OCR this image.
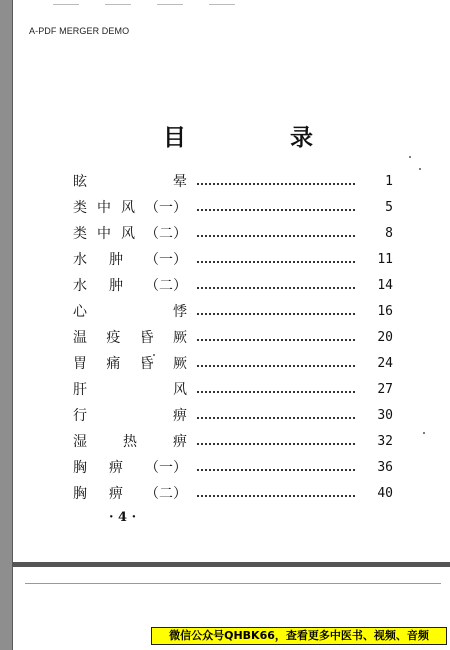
A-PDF MERGER DEMO
目	录
眩	晕	1
类 中 风 （一）	5
类 中 风 （二）	8
水 肿 （一）	11
水 肿 （二）	14
心	悸	16
温 疫 昏 厥	20
胃 痛 昏 厥	24
肝	风	27
行	痹	30
湿	热	痹	32
胸 痹 （一）	36
胸 痹 （二）	40
· 4 ·
微信公众号QHBK66，查看更多中医书、视频、音频
